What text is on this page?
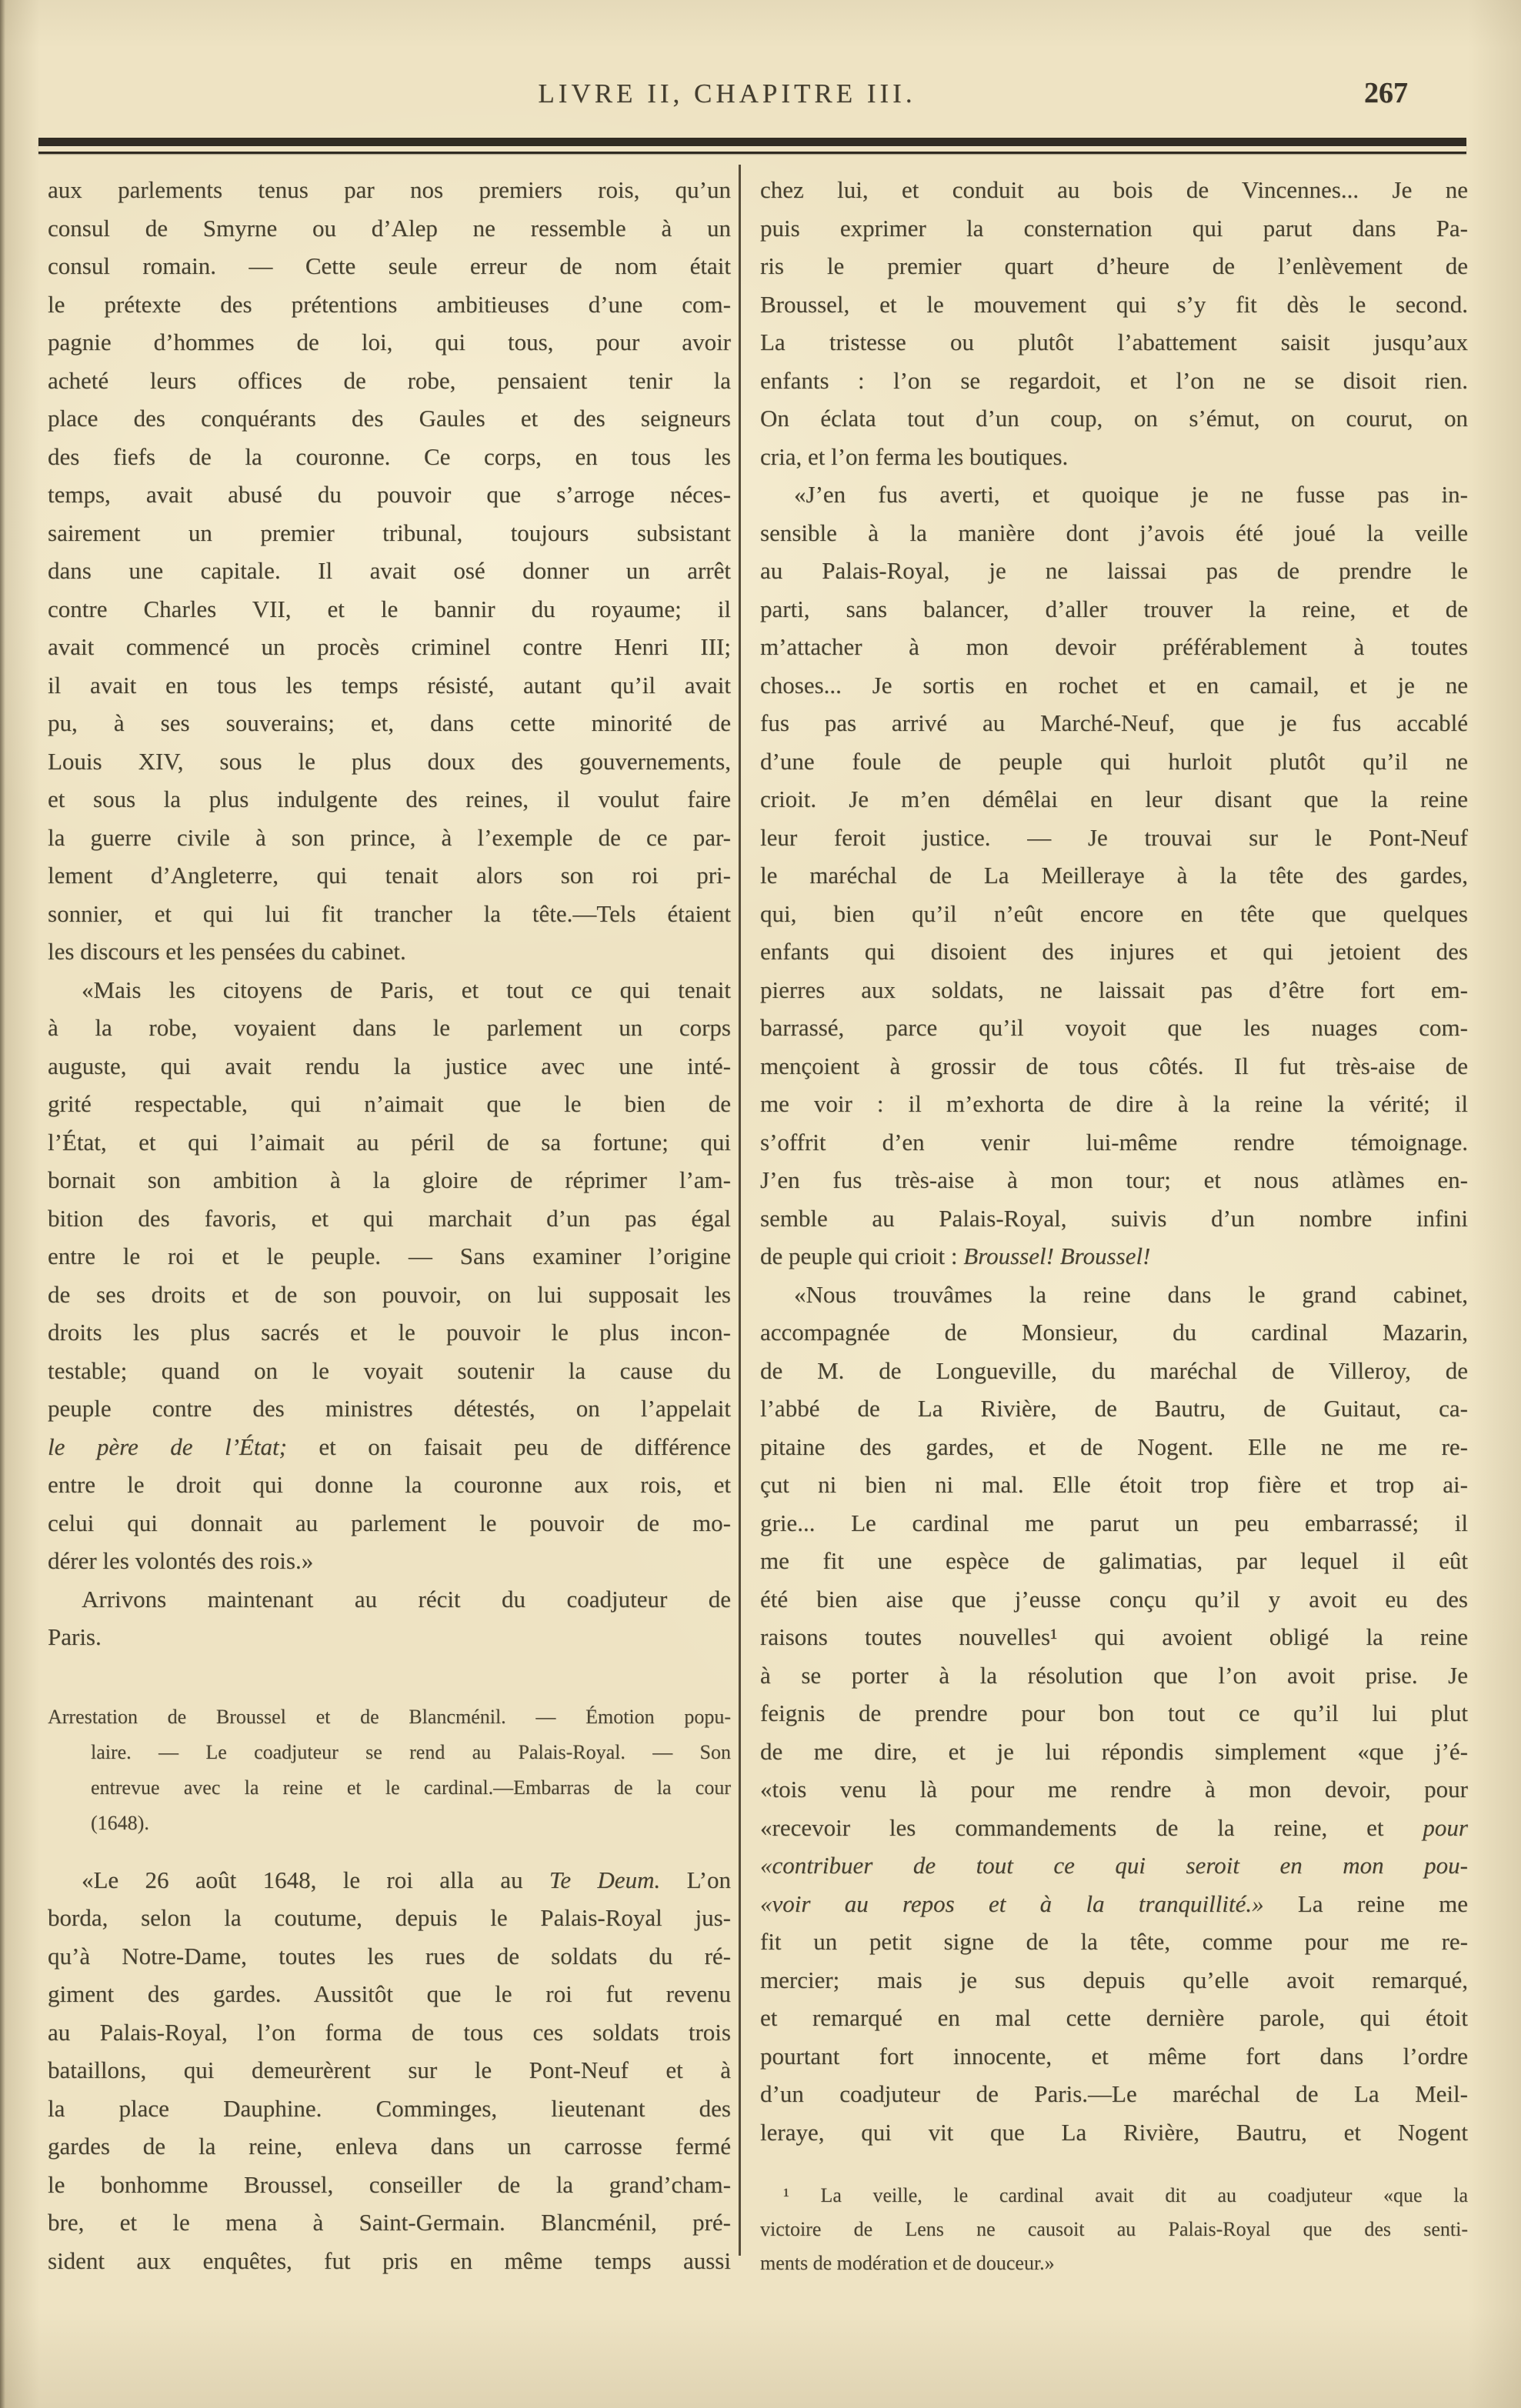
LIVRE II, CHAPITRE III.	267
aux parlements tenus par nos premiers rois, qu’un
consul de Smyrne ou d’Alep ne ressemble à un
consul romain. — Cette seule erreur de nom était
le prétexte des prétentions ambitieuses d’une com-
pagnie d’hommes de loi, qui tous, pour avoir
acheté leurs offices de robe, pensaient tenir la
place des conquérants des Gaules et des seigneurs
des fiefs de la couronne. Ce corps, en tous les
temps, avait abusé du pouvoir que s’arroge néces-
sairement un premier tribunal, toujours subsistant
dans une capitale. Il avait osé donner un arrêt
contre Charles VII, et le bannir du royaume; il
avait commencé un procès criminel contre Henri III;
il avait en tous les temps résisté, autant qu’il avait
pu, à ses souverains; et, dans cette minorité de
Louis XIV, sous le plus doux des gouvernements,
et sous la plus indulgente des reines, il voulut faire
la guerre civile à son prince, à l’exemple de ce par-
lement d’Angleterre, qui tenait alors son roi pri-
sonnier, et qui lui fit trancher la tête.—Tels étaient
les discours et les pensées du cabinet.
«Mais les citoyens de Paris, et tout ce qui tenait
à la robe, voyaient dans le parlement un corps
auguste, qui avait rendu la justice avec une inté-
grité respectable, qui n’aimait que le bien de
l’État, et qui l’aimait au péril de sa fortune; qui
bornait son ambition à la gloire de réprimer l’am-
bition des favoris, et qui marchait d’un pas égal
entre le roi et le peuple. — Sans examiner l’origine
de ses droits et de son pouvoir, on lui supposait les
droits les plus sacrés et le pouvoir le plus incon-
testable; quand on le voyait soutenir la cause du
peuple contre des ministres détestés, on l’appelait
le père de l’État; et on faisait peu de différence
entre le droit qui donne la couronne aux rois, et
celui qui donnait au parlement le pouvoir de mo-
dérer les volontés des rois.»
Arrivons maintenant au récit du coadjuteur de
Paris.
Arrestation de Broussel et de Blancménil. — Émotion popu-
laire. — Le coadjuteur se rend au Palais-Royal. — Son
entrevue avec la reine et le cardinal.—Embarras de la cour
(1648).
«Le 26 août 1648, le roi alla au Te Deum. L’on
borda, selon la coutume, depuis le Palais-Royal jus-
qu’à Notre-Dame, toutes les rues de soldats du ré-
giment des gardes. Aussitôt que le roi fut revenu
au Palais-Royal, l’on forma de tous ces soldats trois
bataillons, qui demeurèrent sur le Pont-Neuf et à
la place Dauphine. Comminges, lieutenant des
gardes de la reine, enleva dans un carrosse fermé
le bonhomme Broussel, conseiller de la grand’cham-
bre, et le mena à Saint-Germain. Blancménil, pré-
sident aux enquêtes, fut pris en même temps aussi
chez lui, et conduit au bois de Vincennes... Je ne
puis exprimer la consternation qui parut dans Pa-
ris le premier quart d’heure de l’enlèvement de
Broussel, et le mouvement qui s’y fit dès le second.
La tristesse ou plutôt l’abattement saisit jusqu’aux
enfants : l’on se regardoit, et l’on ne se disoit rien.
On éclata tout d’un coup, on s’émut, on courut, on
cria, et l’on ferma les boutiques.
«J’en fus averti, et quoique je ne fusse pas in-
sensible à la manière dont j’avois été joué la veille
au Palais-Royal, je ne laissai pas de prendre le
parti, sans balancer, d’aller trouver la reine, et de
m’attacher à mon devoir préférablement à toutes
choses... Je sortis en rochet et en camail, et je ne
fus pas arrivé au Marché-Neuf, que je fus accablé
d’une foule de peuple qui hurloit plutôt qu’il ne
crioit. Je m’en démêlai en leur disant que la reine
leur feroit justice. — Je trouvai sur le Pont-Neuf
le maréchal de La Meilleraye à la tête des gardes,
qui, bien qu’il n’eût encore en tête que quelques
enfants qui disoient des injures et qui jetoient des
pierres aux soldats, ne laissait pas d’être fort em-
barrassé, parce qu’il voyoit que les nuages com-
mençoient à grossir de tous côtés. Il fut très-aise de
me voir : il m’exhorta de dire à la reine la vérité; il
s’offrit d’en venir lui-même rendre témoignage.
J’en fus très-aise à mon tour; et nous atlàmes en-
semble au Palais-Royal, suivis d’un nombre infini
de peuple qui crioit : Broussel! Broussel!
«Nous trouvâmes la reine dans le grand cabinet,
accompagnée de Monsieur, du cardinal Mazarin,
de M. de Longueville, du maréchal de Villeroy, de
l’abbé de La Rivière, de Bautru, de Guitaut, ca-
pitaine des gardes, et de Nogent. Elle ne me re-
çut ni bien ni mal. Elle étoit trop fière et trop ai-
grie... Le cardinal me parut un peu embarrassé; il
me fit une espèce de galimatias, par lequel il eût
été bien aise que j’eusse conçu qu’il y avoit eu des
raisons toutes nouvelles¹ qui avoient obligé la reine
à se porter à la résolution que l’on avoit prise. Je
feignis de prendre pour bon tout ce qu’il lui plut
de me dire, et je lui répondis simplement «que j’é-
«tois venu là pour me rendre à mon devoir, pour
«recevoir les commandements de la reine, et pour
«contribuer de tout ce qui seroit en mon pou-
«voir au repos et à la tranquillité.» La reine me
fit un petit signe de la tête, comme pour me re-
mercier; mais je sus depuis qu’elle avoit remarqué,
et remarqué en mal cette dernière parole, qui étoit
pourtant fort innocente, et même fort dans l’ordre
d’un coadjuteur de Paris.—Le maréchal de La Meil-
leraye, qui vit que La Rivière, Bautru, et Nogent
¹ La veille, le cardinal avait dit au coadjuteur «que la
victoire de Lens ne causoit au Palais-Royal que des senti-
ments de modération et de douceur.»
